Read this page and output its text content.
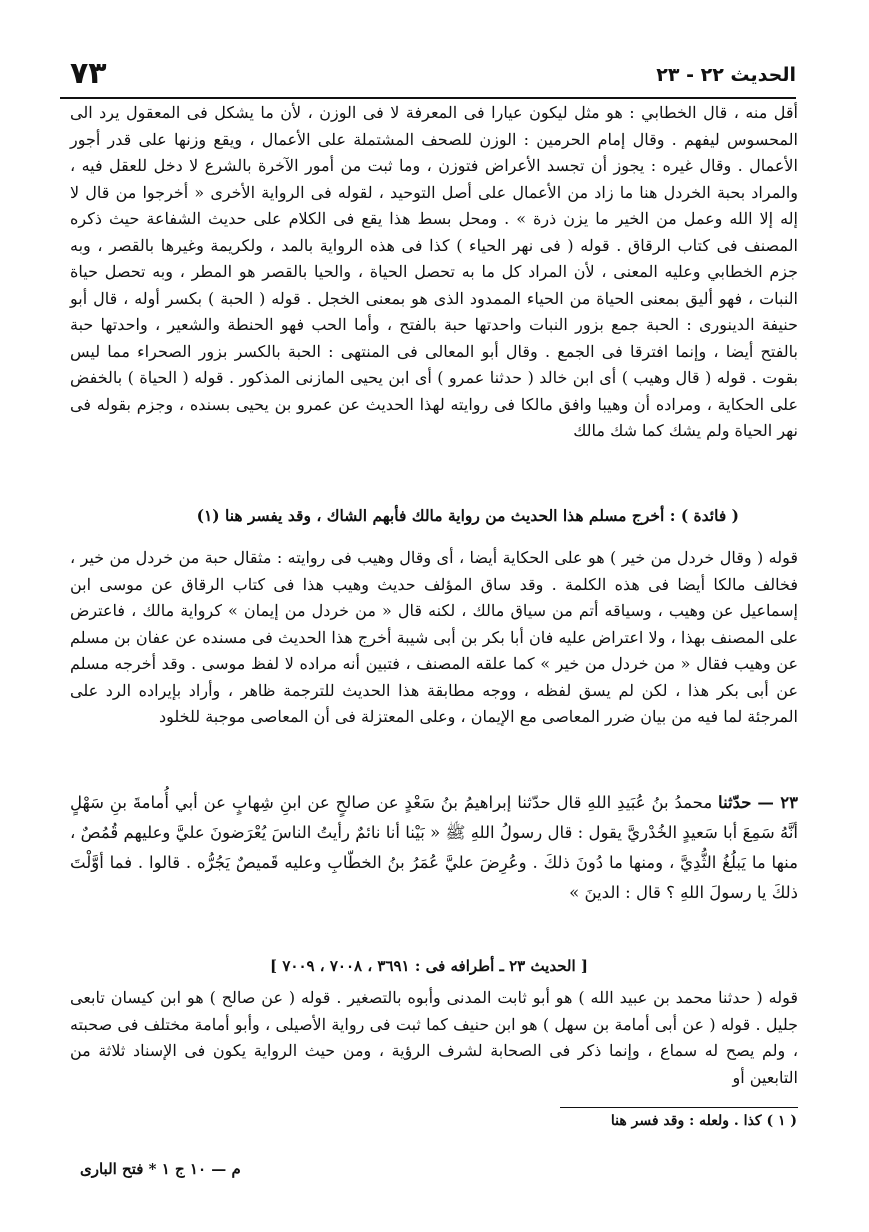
الحديث ٢٢ - ٢٣
٧٣

أقل منه ، قال الخطابي : هو مثل ليكون عيارا فى المعرفة لا فى الوزن ، لأن ما يشكل فى المعقول يرد الى المحسوس ليفهم . وقال إمام الحرمين : الوزن للصحف المشتملة على الأعمال ، ويقع وزنها على قدر أجور الأعمال . وقال غيره : يجوز أن تجسد الأعراض فتوزن ، وما ثبت من أمور الآخرة بالشرع لا دخل للعقل فيه ، والمراد بحبة الخردل هنا ما زاد من الأعمال على أصل التوحيد ، لقوله فى الرواية الأخرى « أخرجوا من قال لا إله إلا الله وعمل من الخير ما يزن ذرة » . ومحل بسط هذا يقع فى الكلام على حديث الشفاعة حيث ذكره المصنف فى كتاب الرقاق . قوله ( فى نهر الحياء ) كذا فى هذه الرواية بالمد ، ولكريمة وغيرها بالقصر ، وبه جزم الخطابي وعليه المعنى ، لأن المراد كل ما به تحصل الحياة ، والحيا بالقصر هو المطر ، وبه تحصل حياة النبات ، فهو أليق بمعنى الحياة من الحياء الممدود الذى هو بمعنى الخجل . قوله ( الحبة ) بكسر أوله ، قال أبو حنيفة الدينورى : الحبة جمع بزور النبات واحدتها حبة بالفتح ، وأما الحب فهو الحنطة والشعير ، واحدتها حبة بالفتح أيضا ، وإنما افترقا فى الجمع . وقال أبو المعالى فى المنتهى : الحبة بالكسر بزور الصحراء مما ليس بقوت . قوله ( قال وهيب ) أى ابن خالد ( حدثنا عمرو ) أى ابن يحيى المازنى المذكور . قوله ( الحياة ) بالخفض على الحكاية ، ومراده أن وهيبا وافق مالكا فى روايته لهذا الحديث عن عمرو بن يحيى بسنده ، وجزم بقوله فى نهر الحياة ولم يشك كما شك مالك

( فائدة ) : أخرج مسلم هذا الحديث من رواية مالك فأبهم الشاك ، وقد يفسر هنا (١)

قوله ( وقال خردل من خير ) هو على الحكاية أيضا ، أى وقال وهيب فى روايته : مثقال حبة من خردل من خير ، فخالف مالكا أيضا فى هذه الكلمة . وقد ساق المؤلف حديث وهيب هذا فى كتاب الرقاق عن موسى ابن إسماعيل عن وهيب ، وسياقه أتم من سياق مالك ، لكنه قال « من خردل من إيمان » كرواية مالك ، فاعترض على المصنف بهذا ، ولا اعتراض عليه فان أبا بكر بن أبى شيبة أخرج هذا الحديث فى مسنده عن عفان بن مسلم عن وهيب فقال « من خردل من خير » كما علقه المصنف ، فتبين أنه مراده لا لفظ موسى . وقد أخرجه مسلم عن أبى بكر هذا ، لكن لم يسق لفظه ، ووجه مطابقة هذا الحديث للترجمة ظاهر ، وأراد بإيراده الرد على المرجئة لما فيه من بيان ضرر المعاصى مع الإيمان ، وعلى المعتزلة فى أن المعاصى موجبة للخلود

٢٣ — حدّثنا محمدُ بنُ عُبَيدِ اللهِ قال حدّثنا إبراهيمُ بنُ سَعْدٍ عن صالحٍ عن ابنِ شِهابٍ عن أبي أُمامةَ بنِ سَهْلٍ أنَّهُ سَمِعَ أبا سَعيدٍ الخُدْريَّ يقول : قال رسولُ اللهِ ﷺ « بَيْنا أنا نائمٌ رأيتُ الناسَ يُعْرَضونَ عليَّ وعليهم قُمُصٌ ، منها ما يَبلُغُ الثُّدِيَّ ، ومنها ما دُونَ ذلكَ . وعُرِضَ عليَّ عُمَرُ بنُ الخطّابِ وعليه قَميصٌ يَجُرُّه . قالوا . فما أوَّلْتَ ذلكَ يا رسولَ اللهِ ؟ قال : الدينَ »

[ الحديث ٢٣ ـ أطرافه فى : ٣٦٩١ ، ٧٠٠٨ ، ٧٠٠٩ ]

قوله ( حدثنا محمد بن عبيد الله ) هو أبو ثابت المدنى وأبوه بالتصغير . قوله ( عن صالح ) هو ابن كيسان تابعى جليل . قوله ( عن أبى أمامة بن سهل ) هو ابن حنيف كما ثبت فى رواية الأصيلى ، وأبو أمامة مختلف فى صحبته ، ولم يصح له سماع ، وإنما ذكر فى الصحابة لشرف الرؤية ، ومن حيث الرواية يكون فى الإسناد ثلاثة من التابعين أو

( ١ ) كذا . ولعله : وقد فسر هنا
م — ١٠ ج ١ * فتح البارى
